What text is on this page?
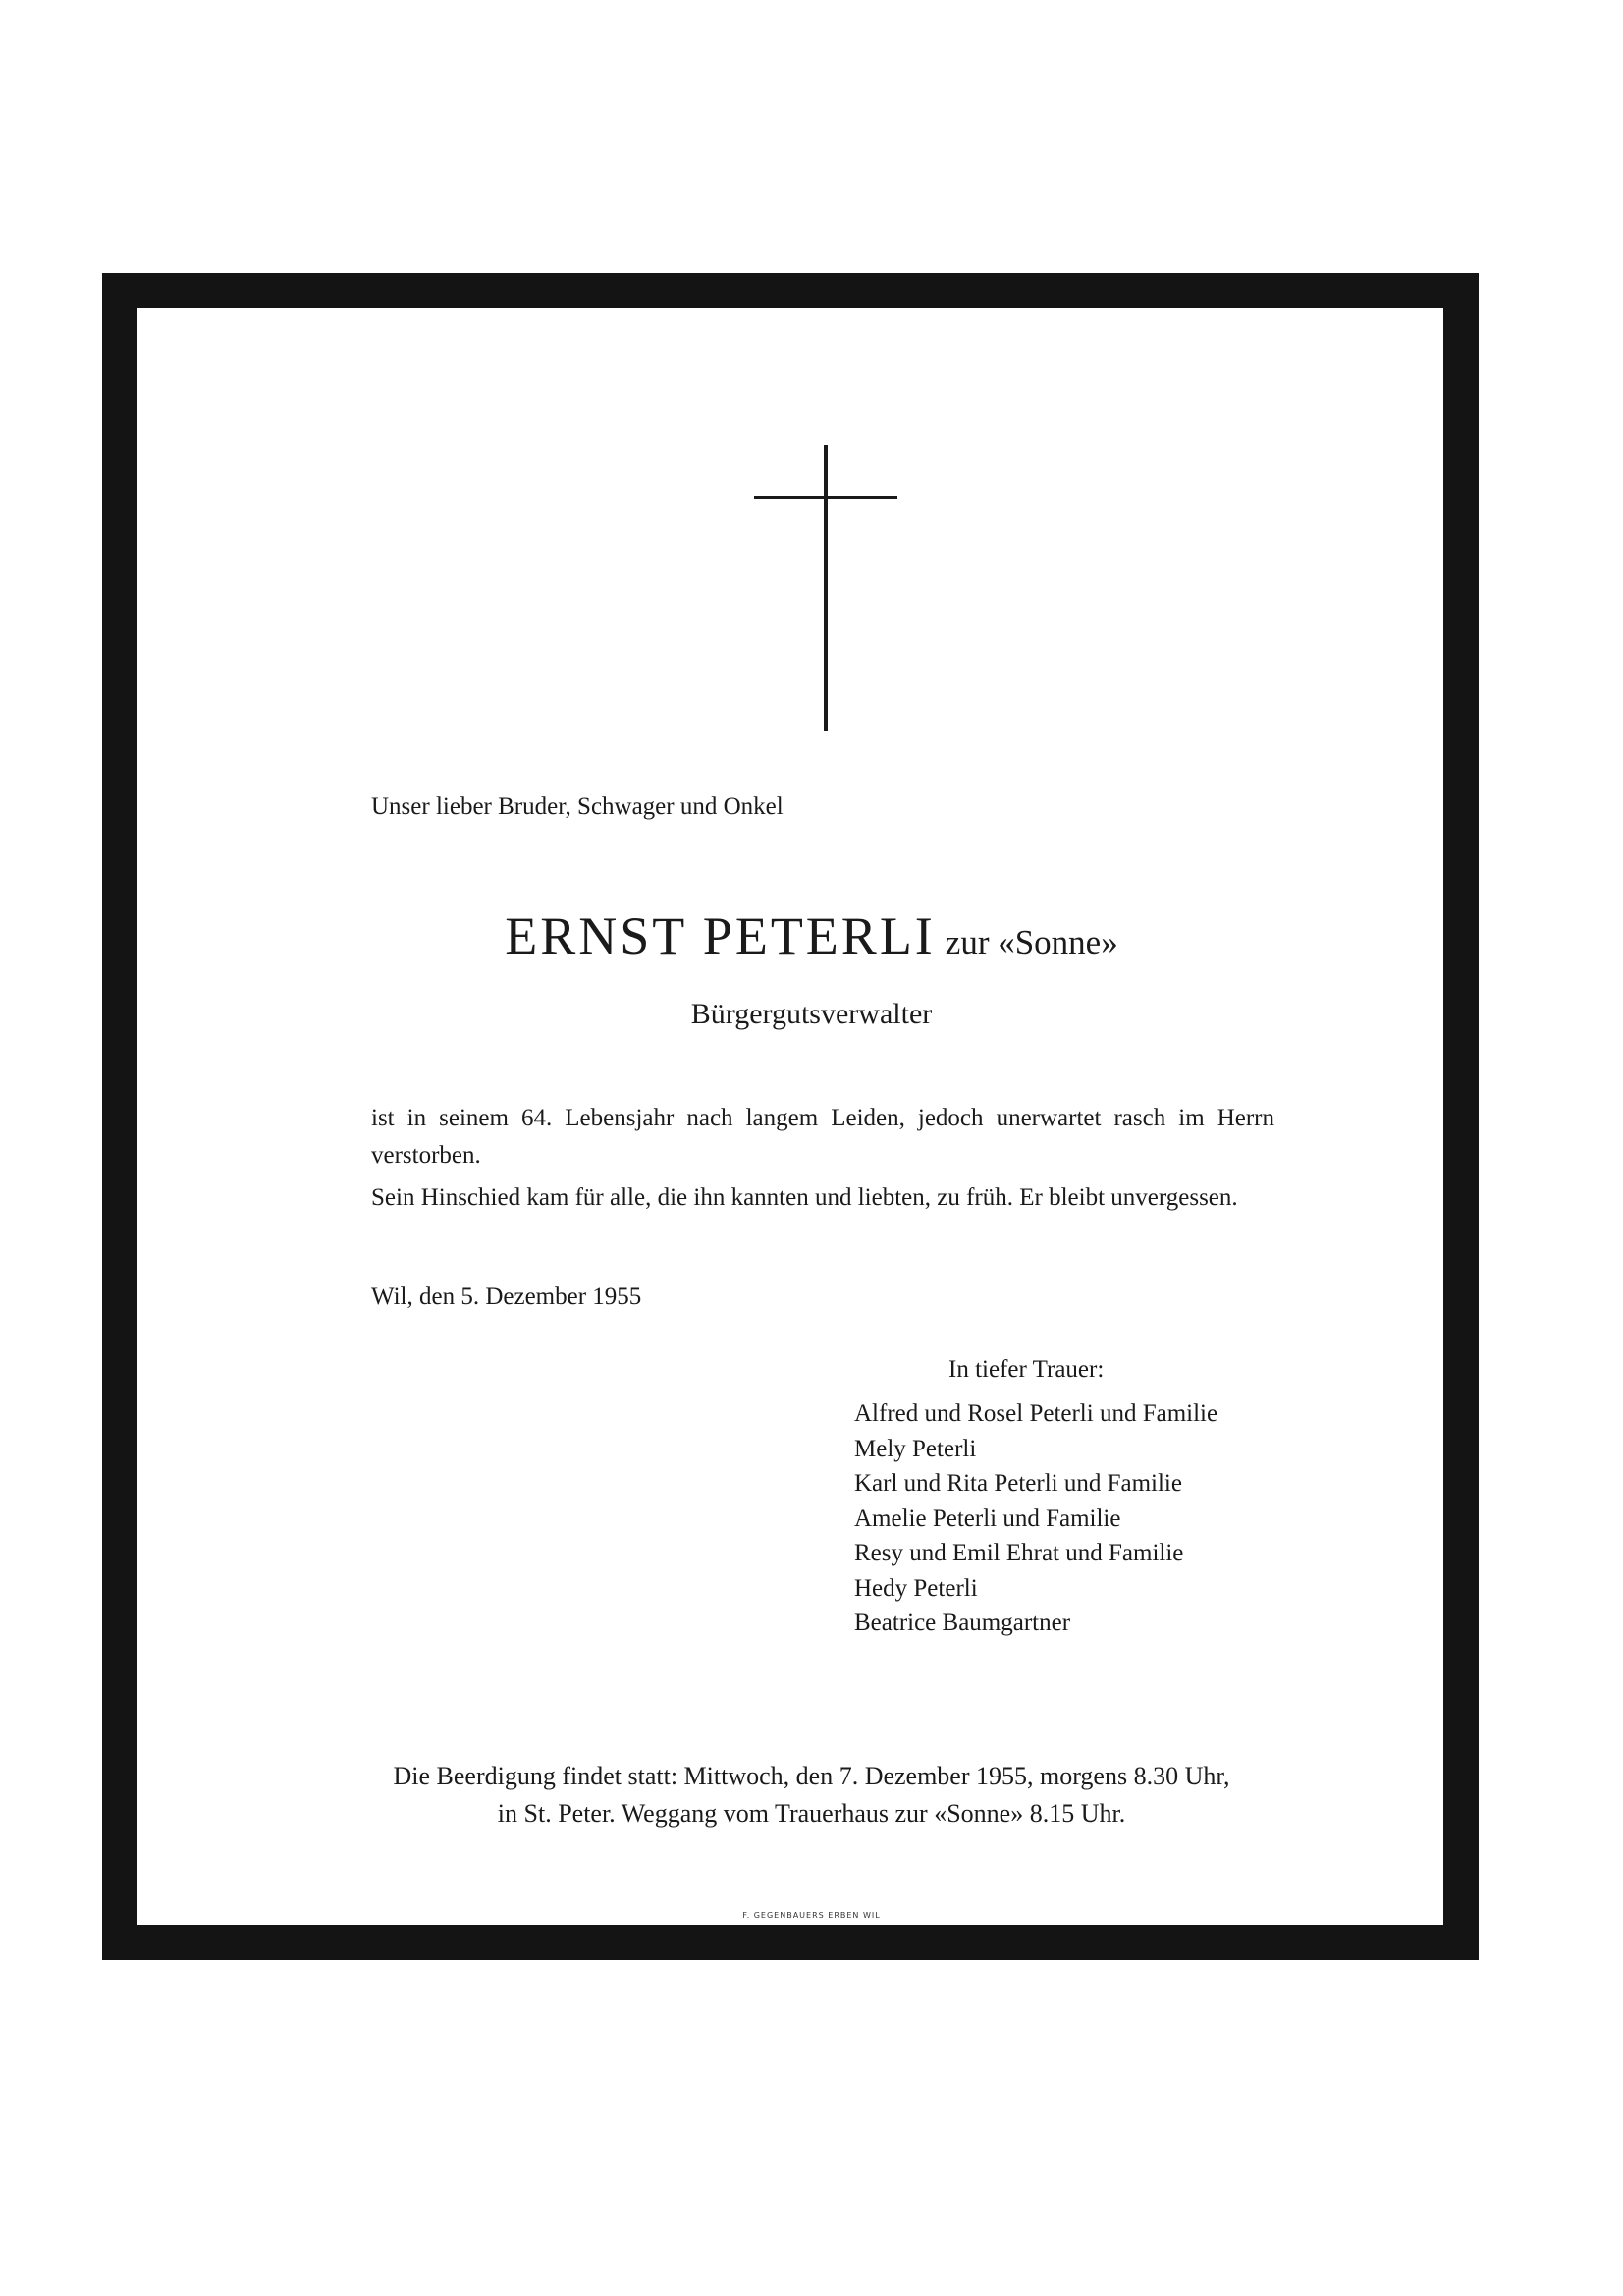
Unser lieber Bruder, Schwager und Onkel
ERNST PETERLI zur «Sonne»
Bürgergutsverwalter
ist in seinem 64. Lebensjahr nach langem Leiden, jedoch unerwartet rasch im Herrn verstorben.
Sein Hinschied kam für alle, die ihn kannten und liebten, zu früh. Er bleibt unvergessen.
Wil, den 5. Dezember 1955
In tiefer Trauer:
Alfred und Rosel Peterli und Familie
Mely Peterli
Karl und Rita Peterli und Familie
Amelie Peterli und Familie
Resy und Emil Ehrat und Familie
Hedy Peterli
Beatrice Baumgartner
Die Beerdigung findet statt: Mittwoch, den 7. Dezember 1955, morgens 8.30 Uhr,
in St. Peter. Weggang vom Trauerhaus zur «Sonne» 8.15 Uhr.
F. GEGENBAUERS ERBEN WIL
